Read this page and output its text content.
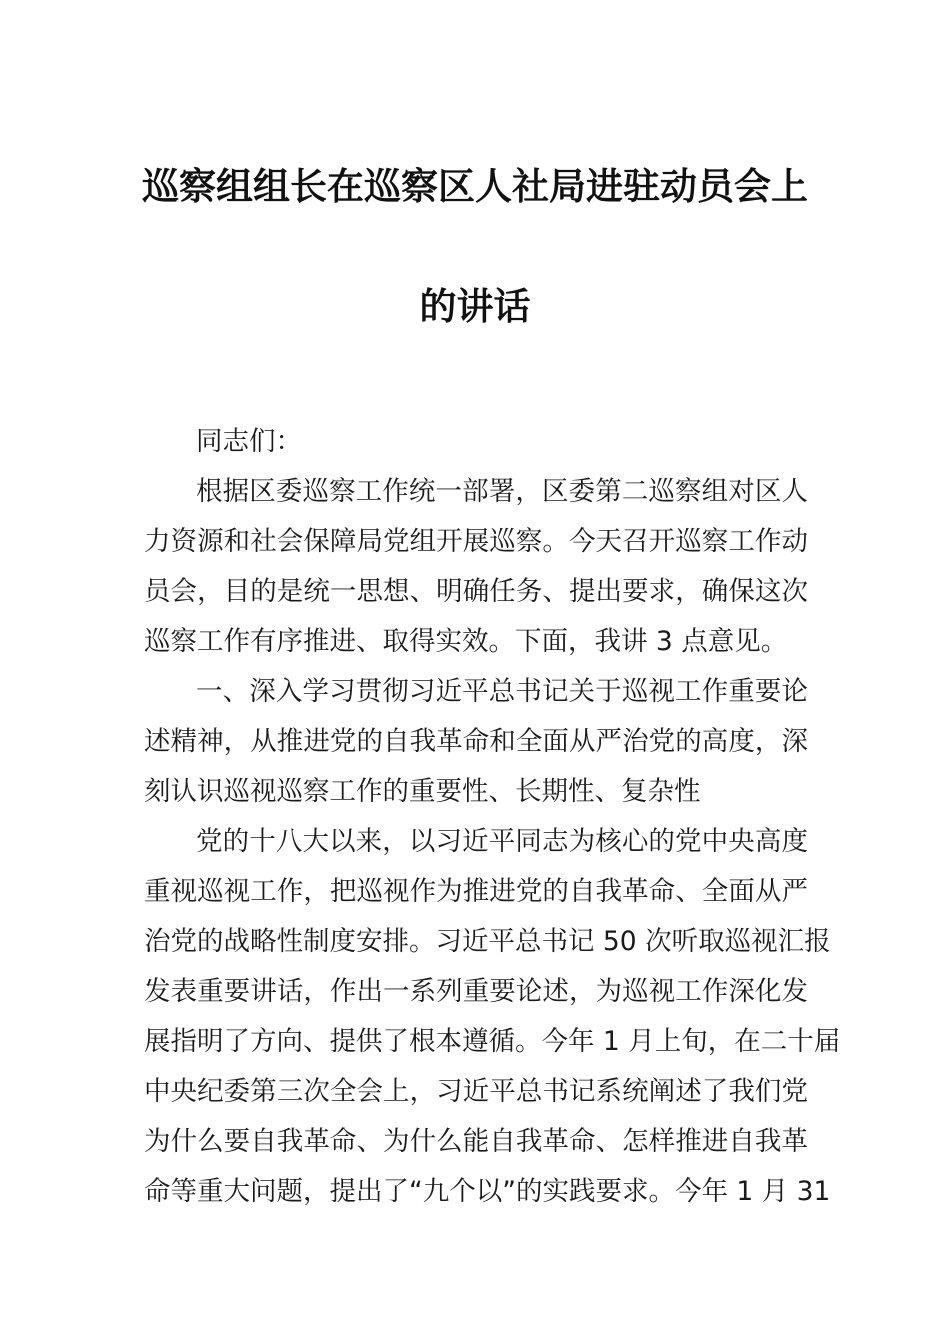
巡察组组长在巡察区人社局进驻动员会上
的讲话
同志们：
根据区委巡察工作统一部署，区委第二巡察组对区人
力资源和社会保障局党组开展巡察。今天召开巡察工作动
员会，目的是统一思想、明确任务、提出要求，确保这次
巡察工作有序推进、取得实效。下面，我讲 3 点意见。
一、深入学习贯彻习近平总书记关于巡视工作重要论
述精神，从推进党的自我革命和全面从严治党的高度，深
刻认识巡视巡察工作的重要性、长期性、复杂性
党的十八大以来，以习近平同志为核心的党中央高度
重视巡视工作，把巡视作为推进党的自我革命、全面从严
治党的战略性制度安排。习近平总书记 50 次听取巡视汇报
发表重要讲话，作出一系列重要论述，为巡视工作深化发
展指明了方向、提供了根本遵循。今年 1 月上旬，在二十届
中央纪委第三次全会上，习近平总书记系统阐述了我们党
为什么要自我革命、为什么能自我革命、怎样推进自我革
命等重大问题，提出了“九个以”的实践要求。今年 1 月 31
